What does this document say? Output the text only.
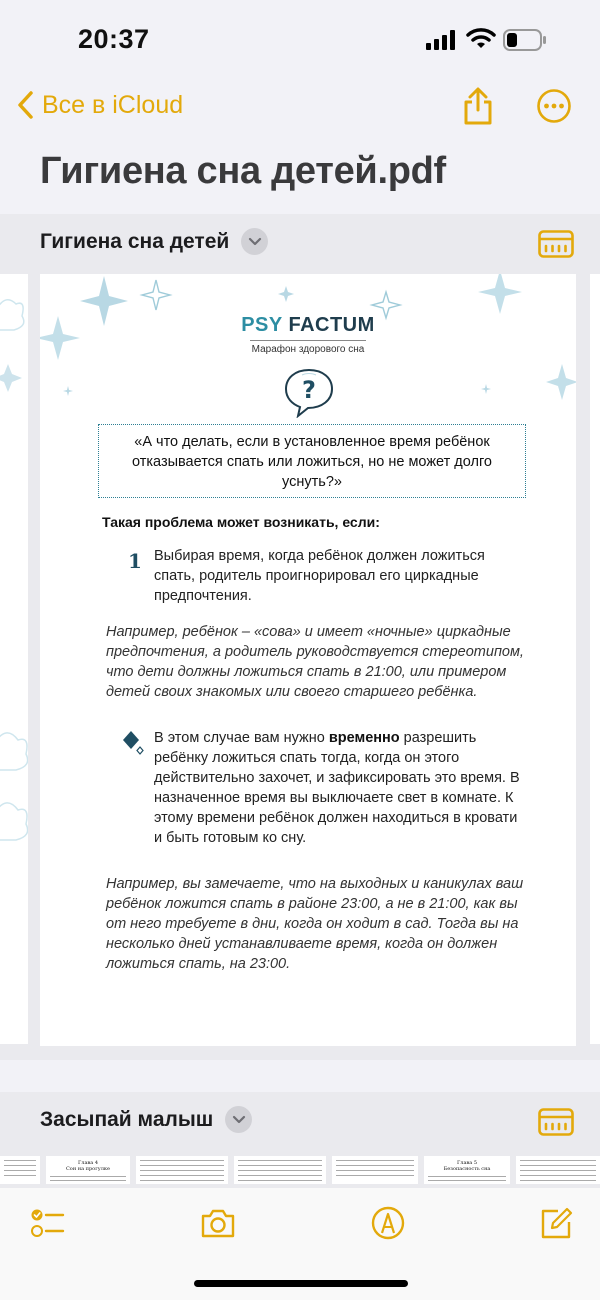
20:37
Все в iCloud
Гигиена сна детей.pdf
Гигиена сна детей
PSY FACTUM
Марафон здорового сна
?
«А что делать, если в установленное время ребёнок отказывается спать или ложиться, но не может долго уснуть?»
Такая проблема может возникать, если:
1 Выбирая время, когда ребёнок должен ложиться спать, родитель проигнорировал его циркадные предпочтения.
Например, ребёнок – «сова» и имеет «ночные» циркадные предпочтения, а родитель руководствуется стереотипом, что дети должны ложиться спать в 21:00, или примером детей своих знакомых или своего старшего ребёнка.
В этом случае вам нужно временно разрешить ребёнку ложиться спать тогда, когда он этого действительно захочет, и зафиксировать это время. В назначенное время вы выключаете свет в комнате. К этому времени ребёнок должен находиться в кровати и быть готовым ко сну.
Например, вы замечаете, что на выходных и каникулах ваш ребёнок ложится спать в районе 23:00, а не в 21:00, как вы от него требуете в дни, когда он ходит в сад. Тогда вы на несколько дней устанавливаете время, когда он должен ложиться спать, на 23:00.
Засыпай малыш
Глава 4
Сон на прогулке
Глава 5
Безопасность сна
